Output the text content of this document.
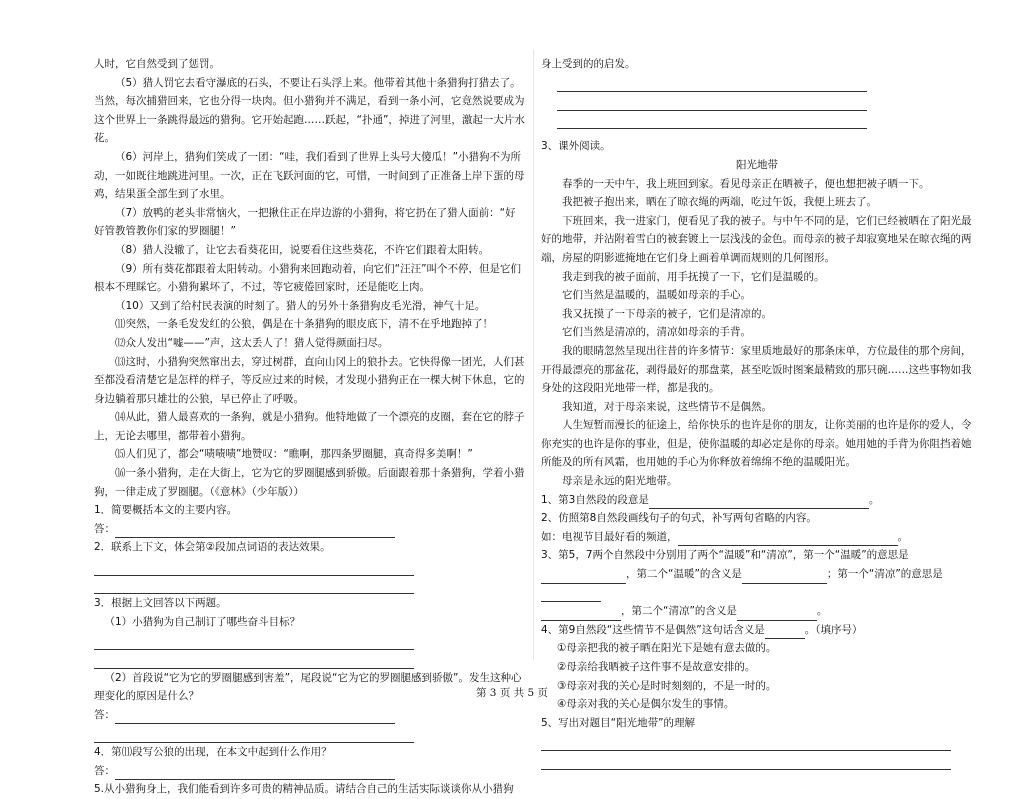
人时，它自然受到了惩罚。

（5）猎人罚它去看守瀑底的石头，不要让石头浮上来。他带着其他十条猎狗打猎去了。当然，每次捕猎回来，它也分得一块肉。但小猎狗并不满足，看到一条小河，它竟然说要成为这个世界上一条跳得最远的猎狗。它开始起跑……跃起，“扑通”，掉进了河里，激起一大片水花。

（6）河岸上，猎狗们笑成了一团：“哇，我们看到了世界上头号大傻瓜！”小猎狗不为所动，一如既往地跳进河里。一次，正在飞跃河面的它，可惜，一时间到了正准备上岸下蛋的母鸡，结果蛋全部生到了水里。

（7）放鸭的老头非常恼火，一把揪住正在岸边游的小猎狗，将它扔在了猎人面前：“好好管教管教你们家的罗圈腿！”

（8）猎人没辙了，让它去看葵花田，说要看住这些葵花，不许它们跟着太阳转。

（9）所有葵花都跟着太阳转动。小猎狗来回跑动着，向它们“汪汪”叫个不停，但是它们根本不理睬它。小猎狗累坏了，不过，等它疲倦回家时，还是能吃上肉。

（10）又到了给村民表演的时刻了。猎人的另外十条猎狗皮毛光滑，神气十足。

⑾突然，一条毛发发红的公狼，偶是在十条猎狗的眼皮底下，清不在乎地跑掉了！

⑿众人发出“嘘——”声，这太丢人了！猎人觉得颜面扫尽。

⒀这时，小猎狗突然窜出去，穿过树群，直向山冈上的狼扑去。它快得像一团光，人们甚至都没看清楚它是怎样的样子，等反应过来的时候，才发现小猎狗正在一棵大树下休息，它的身边躺着那只雄壮的公狼，早已停止了呼吸。

⒁从此，猎人最喜欢的一条狗，就是小猎狗。他特地做了一个漂亮的皮圈，套在它的脖子上，无论去哪里，都带着小猎狗。

⒂人们见了，都会“啧啧啧”地赞叹：“瞧啊，那四条罗圈腿，真奇得多美啊！”

⒃一条小猎狗，走在大街上，它为它的罗圈腿感到骄傲。后面跟着那十条猎狗，学着小猎狗，一律走成了罗圈腿。（《意林》（少年版））

1．简要概括本文的主要内容。

答：

2．联系上下文，体会第②段加点词语的表达效果。

3．根据上文回答以下两题。

（1）小猎狗为自己制订了哪些奋斗目标？

（2）首段说“它为它的罗圈腿感到害羞”，尾段说“它为它的罗圈腿感到骄傲”。发生这种心理变化的原因是什么？

答：

4．第⑾段写公狼的出现，在本文中起到什么作用？

答：

5.从小猎狗身上，我们能看到许多可贵的精神品质。请结合自己的生活实际谈谈你从小猎狗

身上受到的的启发。

3、课外阅读。

阳光地带

春季的一天中午，我上班回到家。看见母亲正在晒被子，便也想把被子晒一下。

我把被子抱出来，晒在了晾衣绳的两端，吃过午饭，我便上班去了。

下班回来，我一进家门，便看见了我的被子。与中午不同的是，它们已经被晒在了阳光最好的地带，并沾附着雪白的被套镀上一层浅浅的金色。而母亲的被子却寂寞地呆在晾衣绳的两端，房屋的阴影遮掩地在它们身上画着单调而规则的几何图形。

我走到我的被子面前，用手抚摸了一下，它们是温暖的。

它们当然是温暖的，温暖如母亲的手心。

我又抚摸了一下母亲的被子，它们是清凉的。

它们当然是清凉的，清凉如母亲的手背。

我的眼睛忽然呈现出往昔的许多情节：家里质地最好的那条床单，方位最佳的那个房间，开得最漂亮的那盆花，剥得最好的那盘菜，甚至吃饭时图案最精致的那只碗……这些事物如我身处的这段阳光地带一样，都是我的。

我知道，对于母亲来说，这些情节不是偶然。

人生短暂而漫长的征途上，给你快乐的也许是你的朋友，让你美丽的也许是你的爱人，令你充实的也许是你的事业，但是，使你温暖的却必定是你的母亲。她用她的手背为你阻挡着她所能及的所有风霜，也用她的手心为你释放着绵绵不绝的温暖阳光。

母亲是永远的阳光地带。

1、第3自然段的段意是	。

2、仿照第8自然段画线句子的句式，补写两句省略的内容。

如：电视节目最好看的频道，	。

3、第5，7两个自然段中分别用了两个“温暖”和“清凉”，第一个“温暖”的意思是

，第二个“温暖”的含义是	；第一个“清凉”的意思是

，第二个“清凉”的含义是	。

4、第9自然段“这些情节不是偶然”这句话含义是	。（填序号）

①母亲把我的被子晒在阳光下是她有意去做的。

②母亲给我晒被子这件事不是故意安排的。

③母亲对我的关心是时时刻刻的，不是一时的。

④母亲对我的关心是偶尔发生的事情。

5、写出对题目“阳光地带”的理解

第 3 页 共 5 页
